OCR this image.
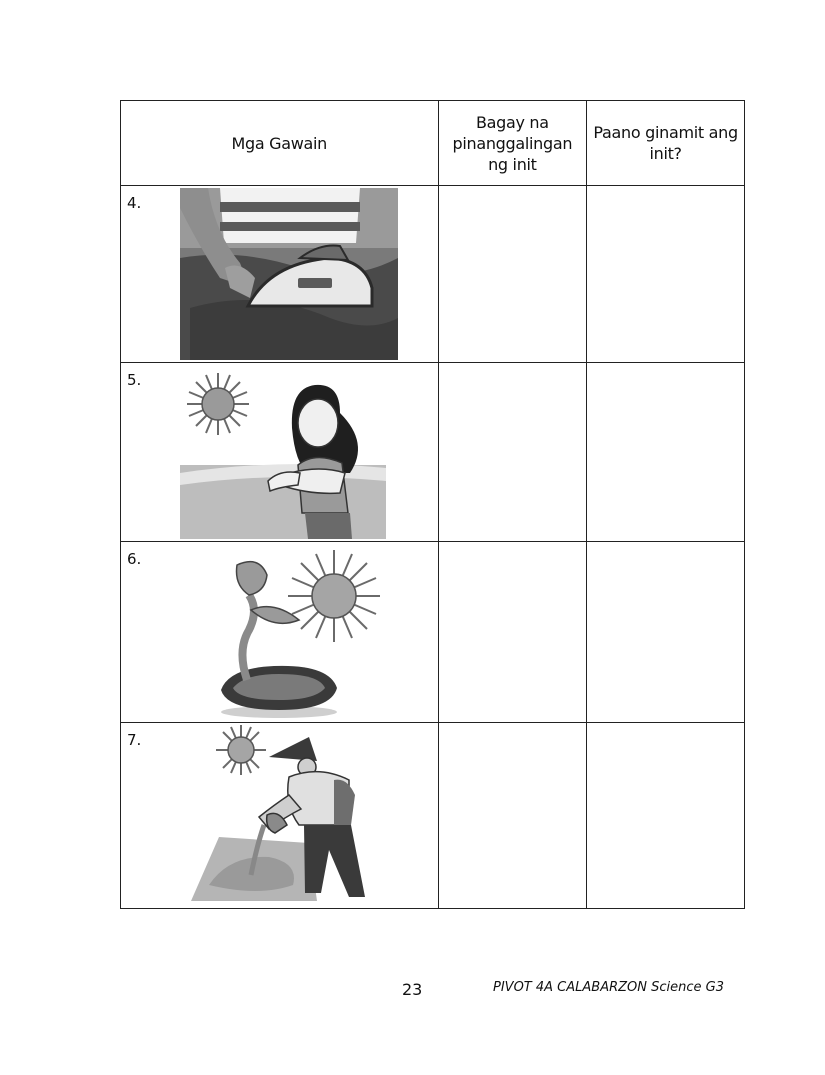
Mga Gawain	Bagay na pinanggalingan ng init	Paano ginamit ang init?

4.		

5.		

6.		

7.		

23	PIVOT 4A CALABARZON Science G3
